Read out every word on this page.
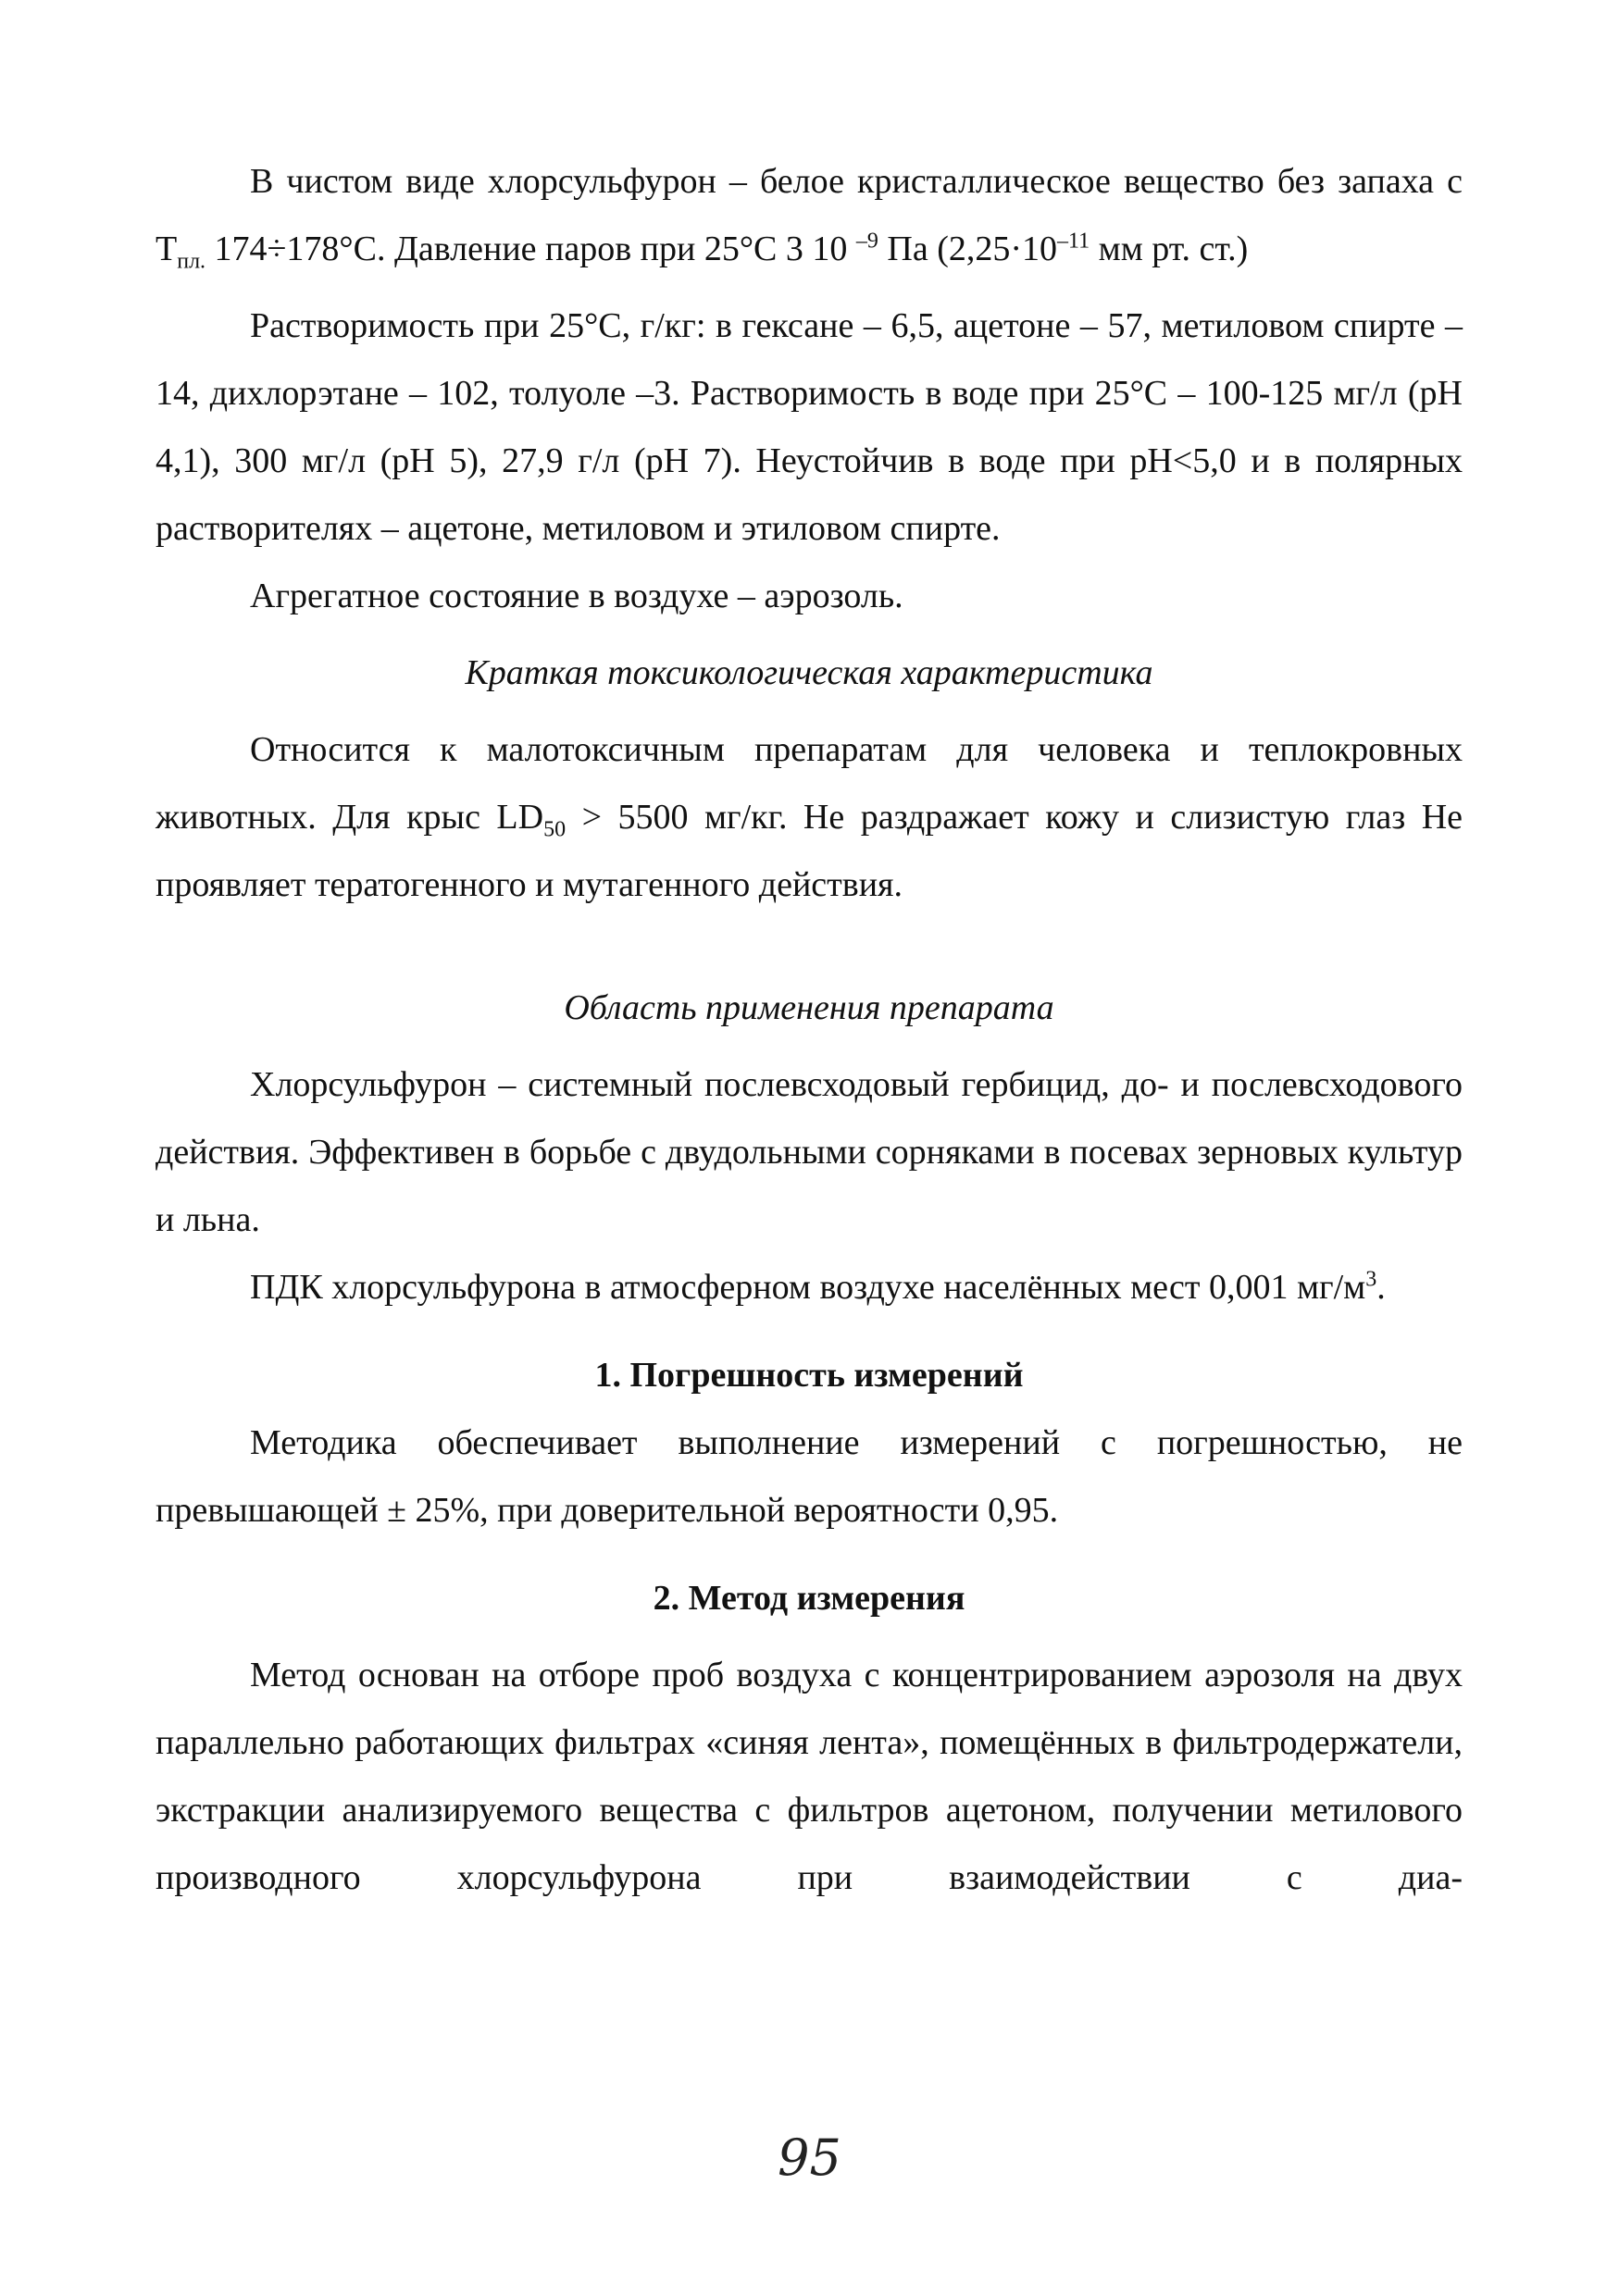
В чистом виде хлорсульфурон – белое кристаллическое вещество без запаха с $Т_{пл.}$ 174÷178°С. Давление паров при 25°С 3 10 $^{-9}$ Па ($2,25\cdot 10^{-11}$ мм рт. ст.)

Растворимость при 25°С, г/кг: в гексане – 6,5, ацетоне – 57, метиловом спирте – 14, дихлорэтане – 102, толуоле –3. Растворимость в воде при 25°С – 100-125 мг/л (рН 4,1), 300 мг/л (рН 5), 27,9 г/л (рН 7). Неустойчив в воде при рН<5,0 и в полярных растворителях – ацетоне, метиловом и этиловом спирте.

Агрегатное состояние в воздухе – аэрозоль.

Краткая токсикологическая характеристика

Относится к малотоксичным препаратам для человека и теплокровных животных. Для крыс $LD_{50} > 5500$ мг/кг. Не раздражает кожу и слизистую глаз Не проявляет тератогенного и мутагенного действия.

Область применения препарата

Хлорсульфурон – системный послевсходовый гербицид, до- и послевсходового действия. Эффективен в борьбе с двудольными сорняками в посевах зерновых культур и льна.

ПДК хлорсульфурона в атмосферном воздухе населённых мест 0,001 $мг/м^3$.

1. Погрешность измерений

Методика обеспечивает выполнение измерений с погрешностью, не превышающей ± 25%, при доверительной вероятности 0,95.

2. Метод измерения

Метод основан на отборе проб воздуха с концентрированием аэрозоля на двух параллельно работающих фильтрах «синяя лента», помещённых в фильтродержатели, экстракции анализируемого вещества с фильтров ацетоном, получении метилового производного хлорсульфурона при взаимодействии с диа-

95
